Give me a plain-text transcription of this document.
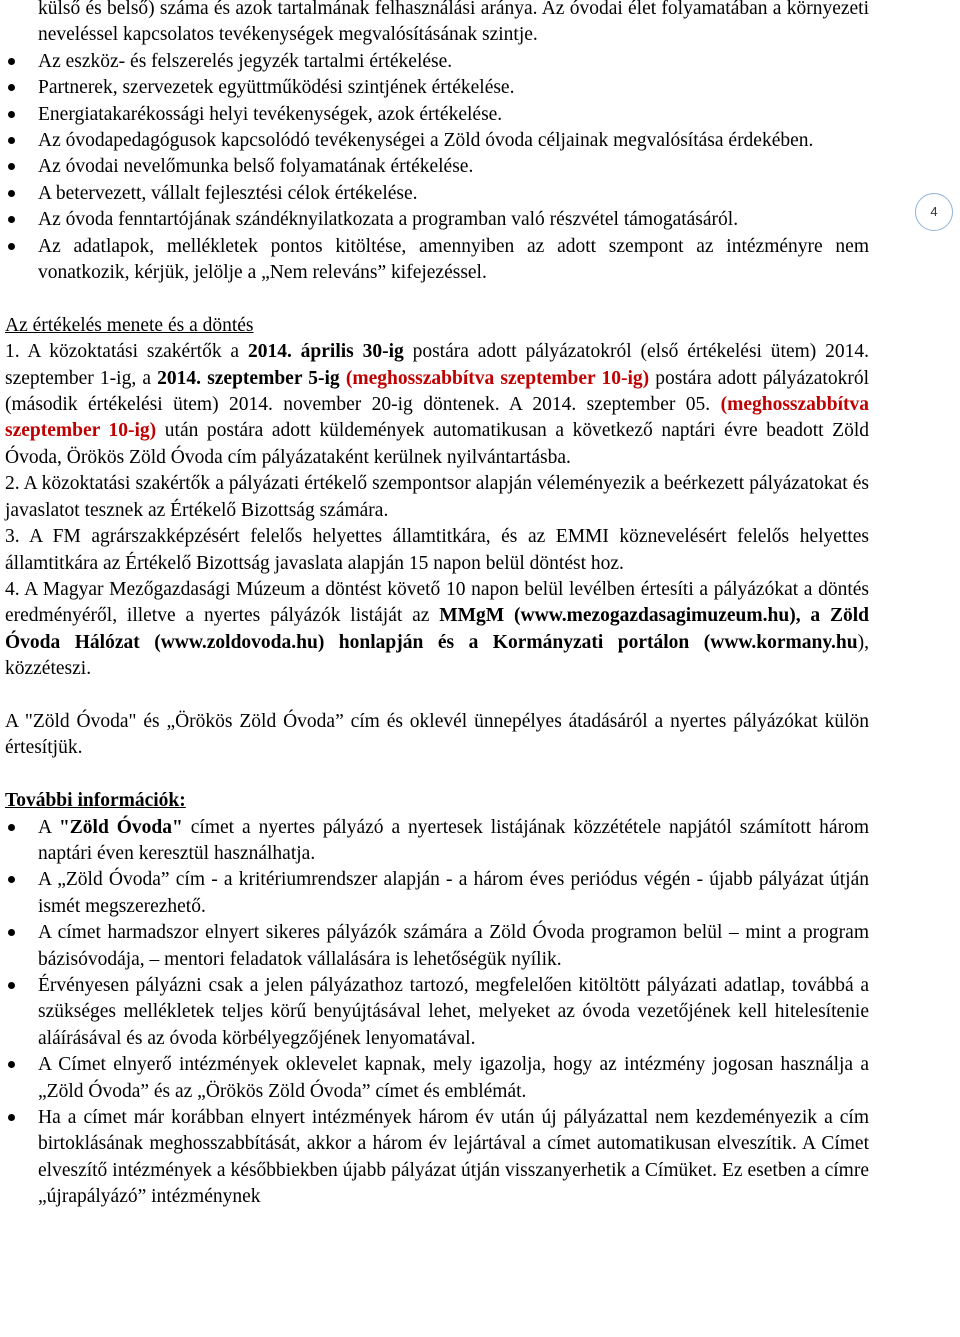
külső és belső) száma és azok tartalmának felhasználási aránya. Az óvodai élet folyamatában a környezeti neveléssel kapcsolatos tevékenységek megvalósításának szintje.
Az eszköz- és felszerelés jegyzék tartalmi értékelése.
Partnerek, szervezetek együttműködési szintjének értékelése.
Energiatakarékossági helyi tevékenységek, azok értékelése.
Az óvodapedagógusok kapcsolódó tevékenységei a Zöld óvoda céljainak megvalósítása érdekében.
Az óvodai nevelőmunka belső folyamatának értékelése.
A betervezett, vállalt fejlesztési célok értékelése.
Az óvoda fenntartójának szándéknyilatkozata a programban való részvétel támogatásáról.
Az adatlapok, mellékletek pontos kitöltése, amennyiben az adott szempont az intézményre nem vonatkozik, kérjük, jelölje a „Nem releváns” kifejezéssel.
Az értékelés menete és a döntés
1. A közoktatási szakértők a 2014. április 30-ig postára adott pályázatokról (első értékelési ütem) 2014. szeptember 1-ig, a 2014. szeptember 5-ig (meghosszabbítva szeptember 10-ig) postára adott pályázatokról (második értékelési ütem) 2014. november 20-ig döntenek. A 2014. szeptember 05. (meghosszabbítva szeptember 10-ig) után postára adott küldemények automatikusan a következő naptári évre beadott Zöld Óvoda, Örökös Zöld Óvoda cím pályázataként kerülnek nyilvántartásba.
2. A közoktatási szakértők a pályázati értékelő szempontsor alapján véleményezik a beérkezett pályázatokat és javaslatot tesznek az Értékelő Bizottság számára.
3. A FM agrárszakképzésért felelős helyettes államtitkára, és az EMMI köznevelésért felelős helyettes államtitkára az Értékelő Bizottság javaslata alapján 15 napon belül döntést hoz.
4. A Magyar Mezőgazdasági Múzeum a döntést követő 10 napon belül levélben értesíti a pályázókat a döntés eredményéről, illetve a nyertes pályázók listáját az MMgM (www.mezogazdasagimuzeum.hu), a Zöld Óvoda Hálózat (www.zoldovoda.hu) honlapján és a Kormányzati portálon (www.kormany.hu), közzéteszi.
A "Zöld Óvoda" és „Örökös Zöld Óvoda” cím és oklevél ünnepélyes átadásáról a nyertes pályázókat külön értesítjük.
További információk:
A "Zöld Óvoda" címet a nyertes pályázó a nyertesek listájának közzététele napjától számított három naptári éven keresztül használhatja.
A „Zöld Óvoda” cím - a kritériumrendszer alapján - a három éves periódus végén - újabb pályázat útján ismét megszerezhető.
A címet harmadszor elnyert sikeres pályázók számára a Zöld Óvoda programon belül – mint a program bázisóvodája, – mentori feladatok vállalására is lehetőségük nyílik.
Érvényesen pályázni csak a jelen pályázathoz tartozó, megfelelően kitöltött pályázati adatlap, továbbá a szükséges mellékletek teljes körű benyújtásával lehet, melyeket az óvoda vezetőjének kell hitelesítenie aláírásával és az óvoda körbélyegzőjének lenyomatával.
A Címet elnyerő intézmények oklevelet kapnak, mely igazolja, hogy az intézmény jogosan használja a „Zöld Óvoda” és az „Örökös Zöld Óvoda” címet és emblémát.
Ha a címet már korábban elnyert intézmények három év után új pályázattal nem kezdeményezik a cím birtoklásának meghosszabbítását, akkor a három év lejártával a címet automatikusan elveszítik. A Címet elveszítő intézmények a későbbiekben újabb pályázat útján visszanyerhetik a Címüket. Ez esetben a címre „újrapályázó” intézménynek
4
